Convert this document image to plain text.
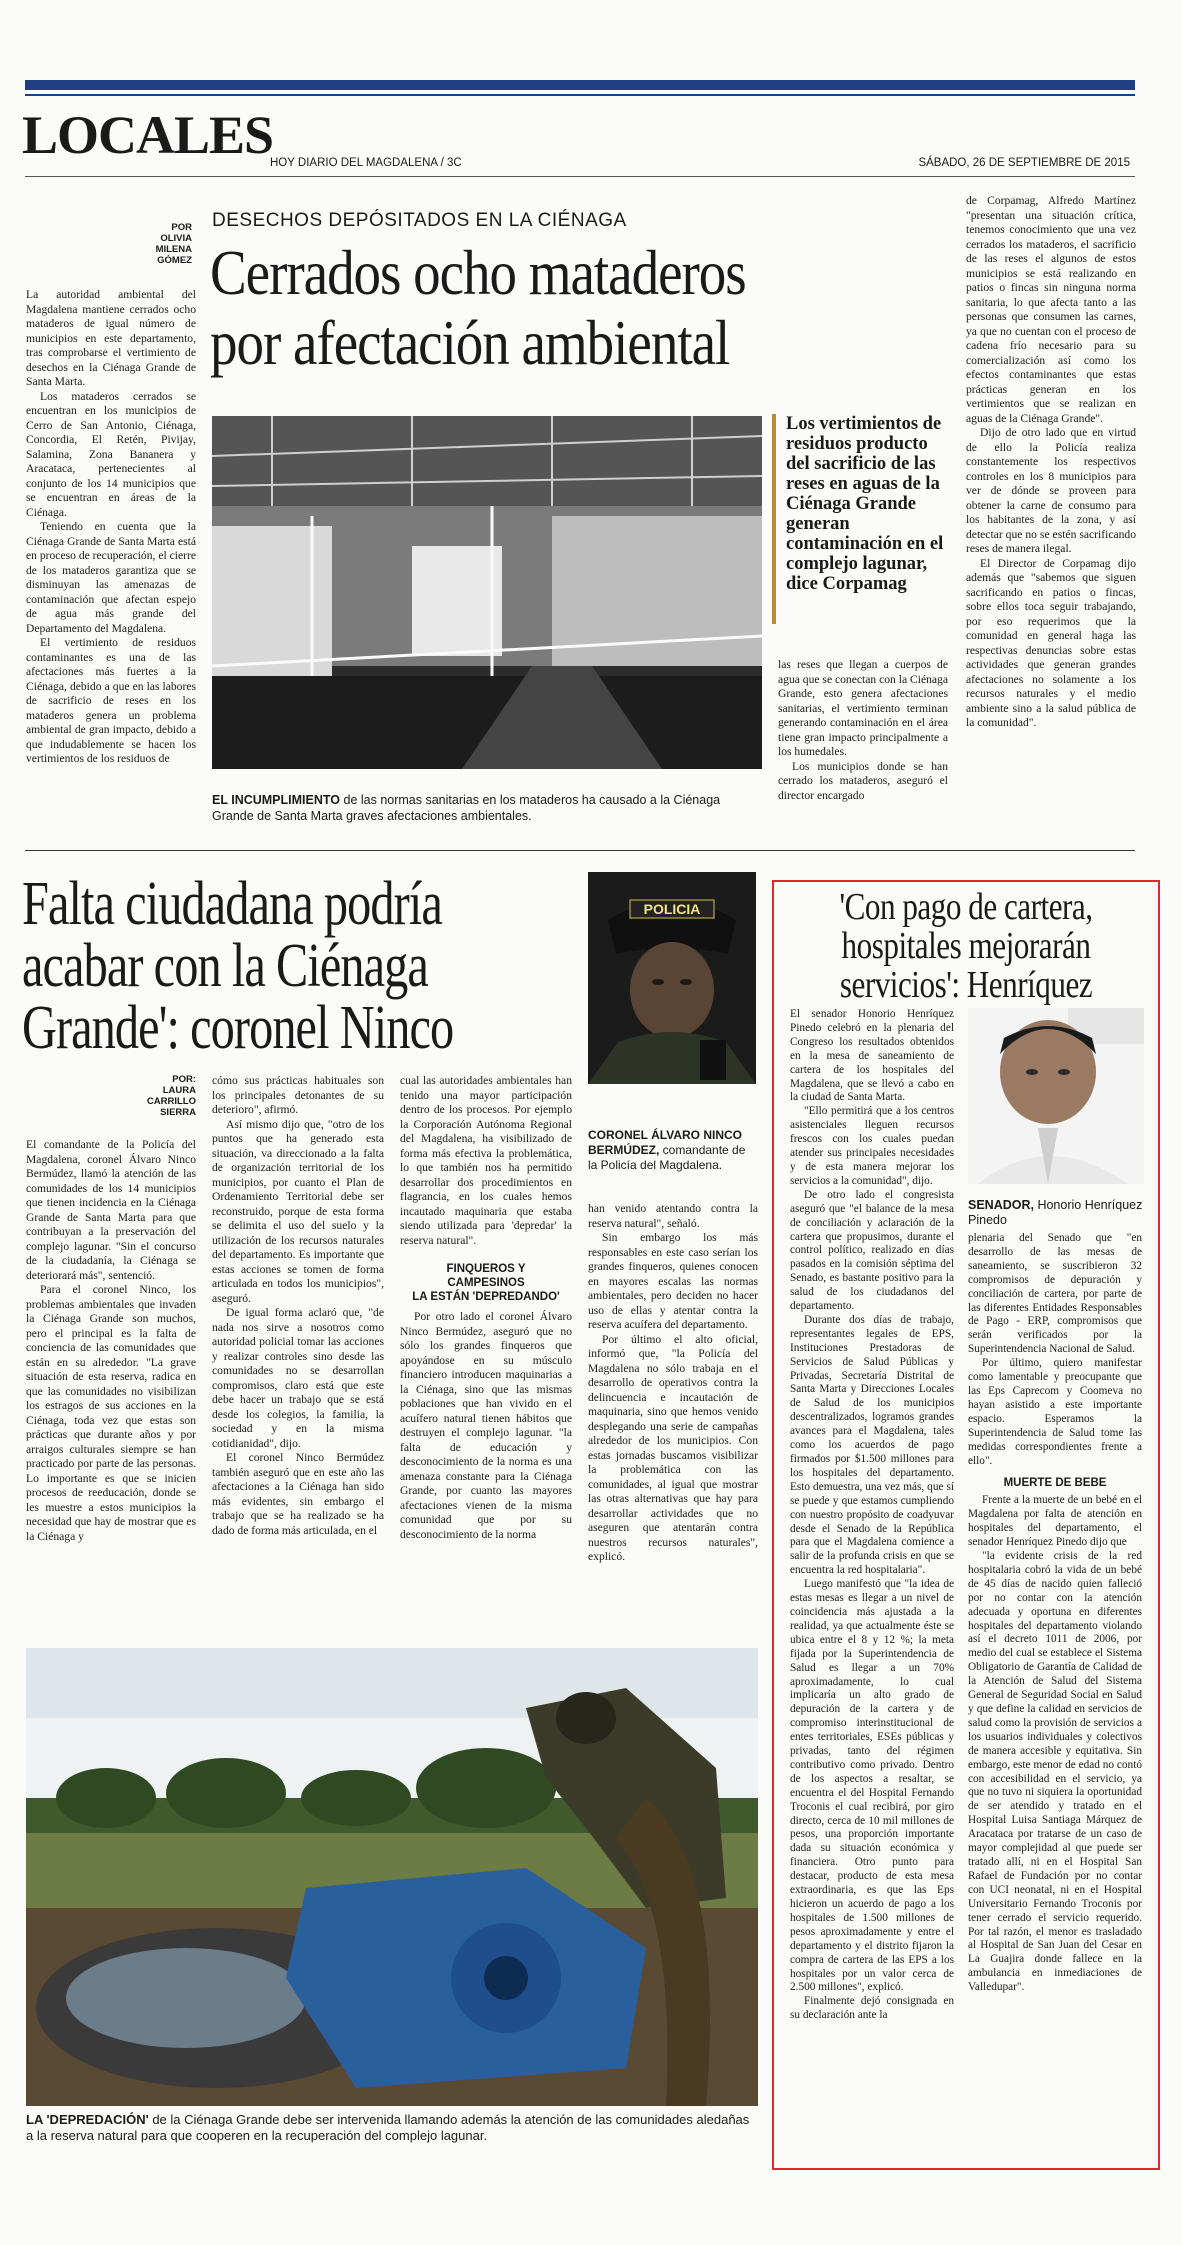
LOCALES
HOY DIARIO DEL MAGDALENA / 3C	SÁBADO, 26 DE SEPTIEMBRE DE 2015
POR
OLIVIA
MILENA
GÓMEZ
DESECHOS DEPÓSITADOS EN LA CIÉNAGA
Cerrados ocho mataderos
por afectación ambiental

La autoridad ambiental del Magdalena mantiene cerrados ocho mataderos de igual número de municipios en este departamento, tras comprobarse el vertimiento de desechos en la Ciénaga Grande de Santa Marta.

Los mataderos cerrados se encuentran en los municipios de Cerro de San Antonio, Ciénaga, Concordia, El Retén, Pivijay, Salamina, Zona Bananera y Aracataca, pertenecientes al conjunto de los 14 municipios que se encuentran en áreas de la Ciénaga.

Teniendo en cuenta que la Ciénaga Grande de Santa Marta está en proceso de recuperación, el cierre de los mataderos garantiza que se disminuyan las amenazas de contaminación que afectan espejo de agua más grande del Departamento del Magdalena.

El vertimiento de residuos contaminantes es una de las afectaciones más fuertes a la Ciénaga, debido a que en las labores de sacrificio de reses en los mataderos genera un problema ambiental de gran impacto, debido a que indudablemente se hacen los vertimientos de los residuos de

Los vertimientos de residuos producto del sacrificio de las reses en aguas de la Ciénaga Grande generan contaminación en el complejo lagunar, dice Corpamag

las reses que llegan a cuerpos de agua que se conectan con la Ciénaga Grande, esto genera afectaciones sanitarias, el vertimiento terminan generando contaminación en el área tiene gran impacto principalmente a los humedales.

Los municipios donde se han cerrado los mataderos, aseguró el director encargado

de Corpamag, Alfredo Martínez "presentan una situación crítica, tenemos conocimiento que una vez cerrados los mataderos, el sacrificio de las reses el algunos de estos municipios se está realizando en patios o fincas sin ninguna norma sanitaria, lo que afecta tanto a las personas que consumen las carnes, ya que no cuentan con el proceso de cadena frío necesario para su comercialización así como los efectos contaminantes que estas prácticas generan en los vertimientos que se realizan en aguas de la Ciénaga Grande".

Dijo de otro lado que en virtud de ello la Policía realiza constantemente los respectivos controles en los 8 municipios para ver de dónde se proveen para obtener la carne de consumo para los habitantes de la zona, y así detectar que no se estén sacrificando reses de manera ilegal.

El Director de Corpamag dijo además que "sabemos que siguen sacrificando en patios o fincas, sobre ellos toca seguir trabajando, por eso requerimos que la comunidad en general haga las respectivas denuncias sobre estas actividades que generan grandes afectaciones no solamente a los recursos naturales y el medio ambiente sino a la salud pública de la comunidad".

EL INCUMPLIMIENTO de las normas sanitarias en los mataderos ha causado a la Ciénaga Grande de Santa Marta graves afectaciones ambientales.
Falta ciudadana podría
acabar con la Ciénaga
Grande': coronel Ninco
POLICIA
CORONEL ÁLVARO NINCO BERMÚDEZ, comandante de la Policía del Magdalena.
POR:
LAURA
CARRILLO
SIERRA

El comandante de la Policía del Magdalena, coronel Álvaro Ninco Bermúdez, llamó la atención de las comunidades de los 14 municipios que tienen incidencia en la Ciénaga Grande de Santa Marta para que contribuyan a la preservación del complejo lagunar. "Sin el concurso de la ciudadanía, la Ciénaga se deteriorará más", sentenció.

Para el coronel Ninco, los problemas ambientales que invaden la Ciénaga Grande son muchos, pero el principal es la falta de conciencia de las comunidades que están en su alrededor. "La grave situación de esta reserva, radica en que las comunidades no visibilizan los estragos de sus acciones en la Ciénaga, toda vez que estas son prácticas que durante años y por arraigos culturales siempre se han practicado por parte de las personas. Lo importante es que se inicien procesos de reeducación, donde se les muestre a estos municipios la necesidad que hay de mostrar que es la Ciénaga y

cómo sus prácticas habituales son los principales detonantes de su deterioro", afirmó.

Así mismo dijo que, "otro de los puntos que ha generado esta situación, va direccionado a la falta de organización territorial de los municipios, por cuanto el Plan de Ordenamiento Territorial debe ser reconstruido, porque de esta forma se delimita el uso del suelo y la utilización de los recursos naturales del departamento. Es importante que estas acciones se tomen de forma articulada en todos los municipios", aseguró.

De igual forma aclaró que, "de nada nos sirve a nosotros como autoridad policial tomar las acciones y realizar controles sino desde las comunidades no se desarrollan compromisos, claro está que este debe hacer un trabajo que se está desde los colegios, la familia, la sociedad y en la misma cotidianidad", dijo.

El coronel Ninco Bermúdez también aseguró que en este año las afectaciones a la Ciénaga han sido más evidentes, sin embargo el trabajo que se ha realizado se ha dado de forma más articulada, en el

cual las autoridades ambientales han tenido una mayor participación dentro de los procesos. Por ejemplo la Corporación Autónoma Regional del Magdalena, ha visibilizado de forma más efectiva la problemática, lo que también nos ha permitido desarrollar dos procedimientos en flagrancia, en los cuales hemos incautado maquinaria que estaba siendo utilizada para 'depredar' la reserva natural".

FINQUEROS Y
CAMPESINOS
LA ESTÁN 'DEPREDANDO'

Por otro lado el coronel Álvaro Ninco Bermúdez, aseguró que no sólo los grandes finqueros que apoyándose en su músculo financiero introducen maquinarias a la Ciénaga, sino que las mismas poblaciones que han vivido en el acuífero natural tienen hábitos que destruyen el complejo lagunar. "la falta de educación y desconocimiento de la norma es una amenaza constante para la Ciénaga Grande, por cuanto las mayores afectaciones vienen de la misma comunidad que por su desconocimiento de la norma

han venido atentando contra la reserva natural", señaló.

Sin embargo los más responsables en este caso serían los grandes finqueros, quienes conocen en mayores escalas las normas ambientales, pero deciden no hacer uso de ellas y atentar contra la reserva acuífera del departamento.

Por último el alto oficial, informó que, "la Policía del Magdalena no sólo trabaja en el desarrollo de operativos contra la delincuencia e incautación de maquinaria, sino que hemos venido desplegando una serie de campañas alrededor de los municipios. Con estas jornadas buscamos visibilizar la problemática con las comunidades, al igual que mostrar las otras alternativas que hay para desarrollar actividades que no aseguren que atentarán contra nuestros recursos naturales", explicó.

LA 'DEPREDACIÓN' de la Ciénaga Grande debe ser intervenida llamando además la atención de las comunidades aledañas a la reserva natural para que cooperen en la recuperación del complejo lagunar.
'Con pago de cartera,
hospitales mejorarán
servicios': Henríquez
SENADOR, Honorio Henríquez Pinedo

El senador Honorio Henríquez Pinedo celebró en la plenaria del Congreso los resultados obtenidos en la mesa de saneamiento de cartera de los hospitales del Magdalena, que se llevó a cabo en la ciudad de Santa Marta.

"Ello permitirá que a los centros asistenciales lleguen recursos frescos con los cuales puedan atender sus principales necesidades y de esta manera mejorar los servicios a la comunidad", dijo.

De otro lado el congresista aseguró que "el balance de la mesa de conciliación y aclaración de la cartera que propusimos, durante el control político, realizado en días pasados en la comisión séptima del Senado, es bastante positivo para la salud de los ciudadanos del departamento.

Durante dos días de trabajo, representantes legales de EPS, Instituciones Prestadoras de Servicios de Salud Públicas y Privadas, Secretaría Distrital de Santa Marta y Direcciones Locales de Salud de los municipios descentralizados, logramos grandes avances para el Magdalena, tales como los acuerdos de pago firmados por $1.500 millones para los hospitales del departamento. Esto demuestra, una vez más, que sí se puede y que estamos cumpliendo con nuestro propósito de coadyuvar desde el Senado de la República para que el Magdalena comience a salir de la profunda crisis en que se encuentra la red hospitalaria".

Luego manifestó que "la idea de estas mesas es llegar a un nivel de coincidencia más ajustada a la realidad, ya que actualmente éste se ubica entre el 8 y 12 %; la meta fijada por la Superintendencia de Salud es llegar a un 70% aproximadamente, lo cual implicaría un alto grado de depuración de la cartera y de compromiso interinstitucional de entes territoriales, ESEs públicas y privadas, tanto del régimen contributivo como privado. Dentro de los aspectos a resaltar, se encuentra el del Hospital Fernando Troconis el cual recibirá, por giro directo, cerca de 10 mil millones de pesos, una proporción importante dada su situación económica y financiera. Otro punto para destacar, producto de esta mesa extraordinaria, es que las Eps hicieron un acuerdo de pago a los hospitales de 1.500 millones de pesos aproximadamente y entre el departamento y el distrito fijaron la compra de cartera de las EPS a los hospitales por un valor cerca de 2.500 millones", explicó.

Finalmente dejó consignada en su declaración ante la

plenaria del Senado que "en desarrollo de las mesas de saneamiento, se suscribieron 32 compromisos de depuración y conciliación de cartera, por parte de las diferentes Entidades Responsables de Pago - ERP, compromisos que serán verificados por la Superintendencia Nacional de Salud.

Por último, quiero manifestar como lamentable y preocupante que las Eps Caprecom y Coomeva no hayan asistido a este importante espacio. Esperamos la Superintendencia de Salud tome las medidas correspondientes frente a ello".

MUERTE DE BEBE

Frente a la muerte de un bebé en el Magdalena por falta de atención en hospitales del departamento, el senador Henríquez Pinedo dijo que

"la evidente crisis de la red hospitalaria cobró la vida de un bebé de 45 días de nacido quien falleció por no contar con la atención adecuada y oportuna en diferentes hospitales del departamento violando así el decreto 1011 de 2006, por medio del cual se establece el Sistema Obligatorio de Garantía de Calidad de la Atención de Salud del Sistema General de Seguridad Social en Salud y que define la calidad en servicios de salud como la provisión de servicios a los usuarios individuales y colectivos de manera accesible y equitativa. Sin embargo, este menor de edad no contó con accesibilidad en el servicio, ya que no tuvo ni siquiera la oportunidad de ser atendido y tratado en el Hospital Luisa Santiaga Márquez de Aracataca por tratarse de un caso de mayor complejidad al que puede ser tratado allí, ni en el Hospital San Rafael de Fundación por no contar con UCI neonatal, ni en el Hospital Universitario Fernando Troconis por tener cerrado el servicio requerido. Por tal razón, el menor es trasladado al Hospital de San Juan del Cesar en La Guajira donde fallece en la ambulancia en inmediaciones de Valledupar".
